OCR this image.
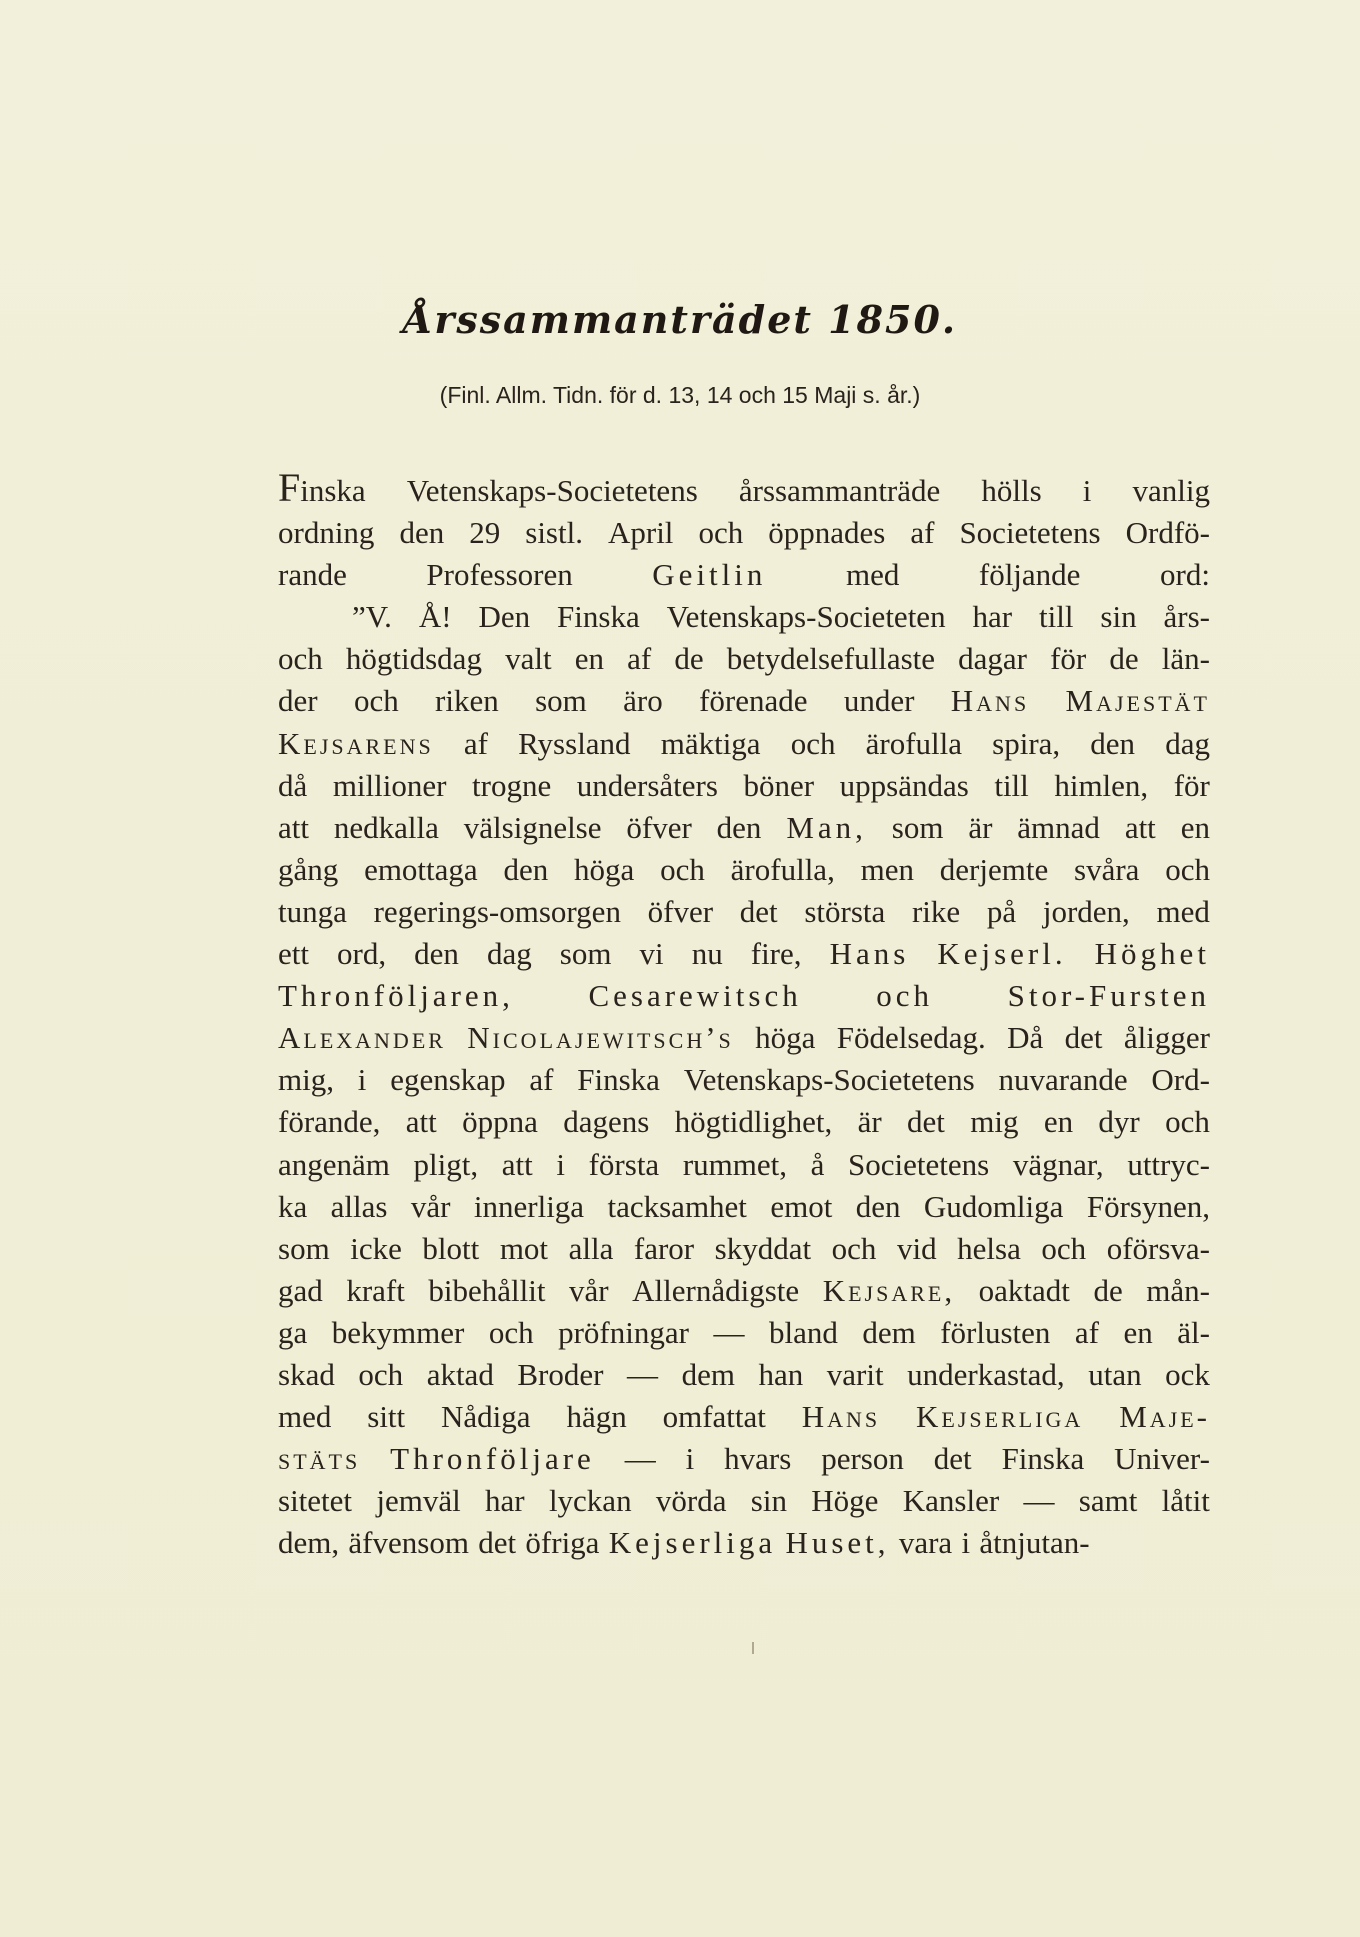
Årssammanträdet 1850.
(Finl. Allm. Tidn. för d. 13, 14 och 15 Maji s. år.)
Finska Vetenskaps-Societetens årssammanträde hölls i vanlig
ordning den 29 sistl. April och öppnades af Societetens Ordfö-
rande	Professoren	Geitlin	med	följande	ord:
”V. Å! Den Finska Vetenskaps-Societeten har till sin års-
och högtidsdag valt en af de betydelsefullaste dagar för de län-
der och riken som äro förenade under Hans Majestät
Kejsarens af Ryssland mäktiga och ärofulla spira, den dag
då millioner trogne undersåters böner uppsändas till himlen, för
att nedkalla välsignelse öfver den Man, som är ämnad att en
gång emottaga den höga och ärofulla, men derjemte svåra och
tunga regerings-omsorgen öfver det största rike på jorden, med
ett ord, den dag som vi nu fire, Hans Kejserl. Höghet
Thronföljaren, Cesarewitsch och Stor-Fursten
Alexander Nicolajewitsch’s höga Födelsedag. Då det åligger
mig, i egenskap af Finska Vetenskaps-Societetens nuvarande Ord-
förande, att öppna dagens högtidlighet, är det mig en dyr och
angenäm pligt, att i första rummet, å Societetens vägnar, uttryc-
ka allas vår innerliga tacksamhet emot den Gudomliga Försynen,
som icke blott mot alla faror skyddat och vid helsa och oförsva-
gad kraft bibehållit vår Allernådigste Kejsare, oaktadt de mån-
ga bekymmer och pröfningar — bland dem förlusten af en äl-
skad och aktad Broder — dem han varit underkastad, utan ock
med sitt Nådiga hägn omfattat Hans Kejserliga Maje-
stäts Thronföljare — i hvars person det Finska Univer-
sitetet jemväl har lyckan vörda sin Höge Kansler — samt låtit
dem, äfvensom det öfriga Kejserliga Huset, vara i åtnjutan-
